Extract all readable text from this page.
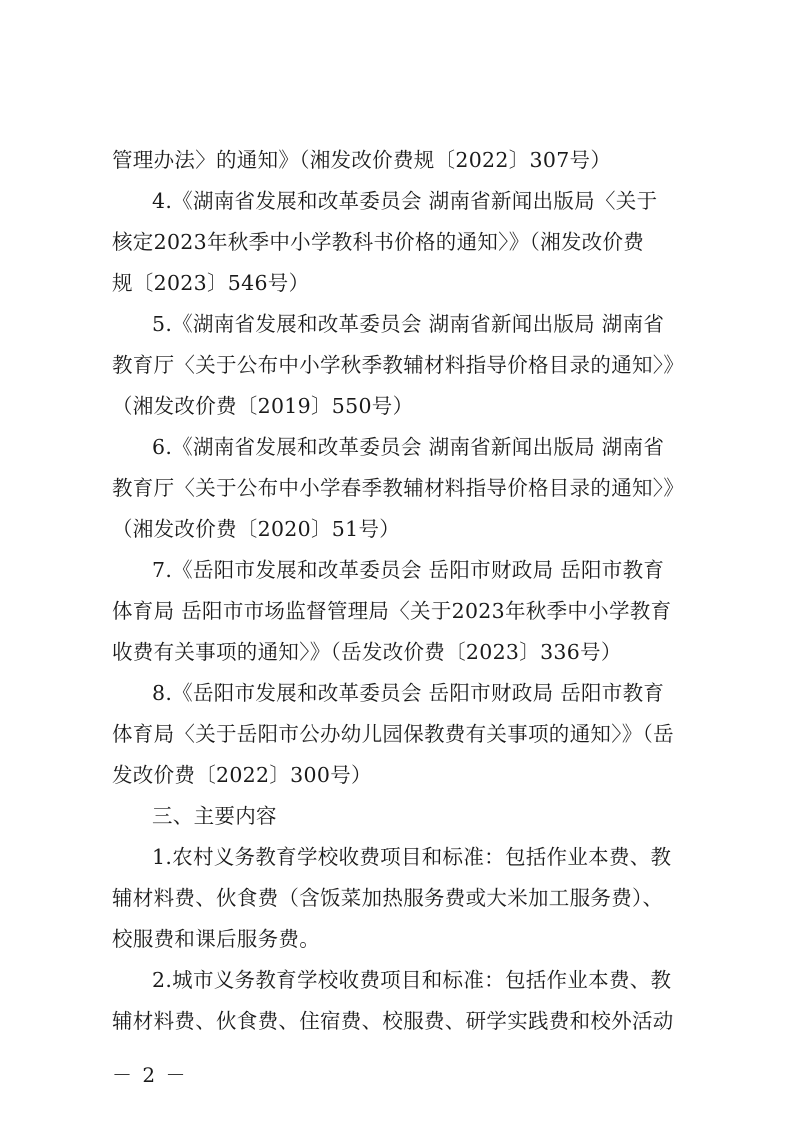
管理办法〉的通知》（湘发改价费规〔2022〕307号）
4.《湖南省发展和改革委员会 湖南省新闻出版局〈关于
核定2023年秋季中小学教科书价格的通知〉》（湘发改价费
规〔2023〕546号）
5.《湖南省发展和改革委员会 湖南省新闻出版局 湖南省
教育厅〈关于公布中小学秋季教辅材料指导价格目录的通知〉》
（湘发改价费〔2019〕550号）
6.《湖南省发展和改革委员会 湖南省新闻出版局 湖南省
教育厅〈关于公布中小学春季教辅材料指导价格目录的通知〉》
（湘发改价费〔2020〕51号）
7.《岳阳市发展和改革委员会 岳阳市财政局 岳阳市教育
体育局 岳阳市市场监督管理局〈关于2023年秋季中小学教育
收费有关事项的通知〉》（岳发改价费〔2023〕336号）
8.《岳阳市发展和改革委员会 岳阳市财政局 岳阳市教育
体育局〈关于岳阳市公办幼儿园保教费有关事项的通知〉》（岳
发改价费〔2022〕300号）
三、主要内容
1.农村义务教育学校收费项目和标准：包括作业本费、教
辅材料费、伙食费（含饭菜加热服务费或大米加工服务费）、
校服费和课后服务费。
2.城市义务教育学校收费项目和标准：包括作业本费、教
辅材料费、伙食费、住宿费、校服费、研学实践费和校外活动
－ 2 －
